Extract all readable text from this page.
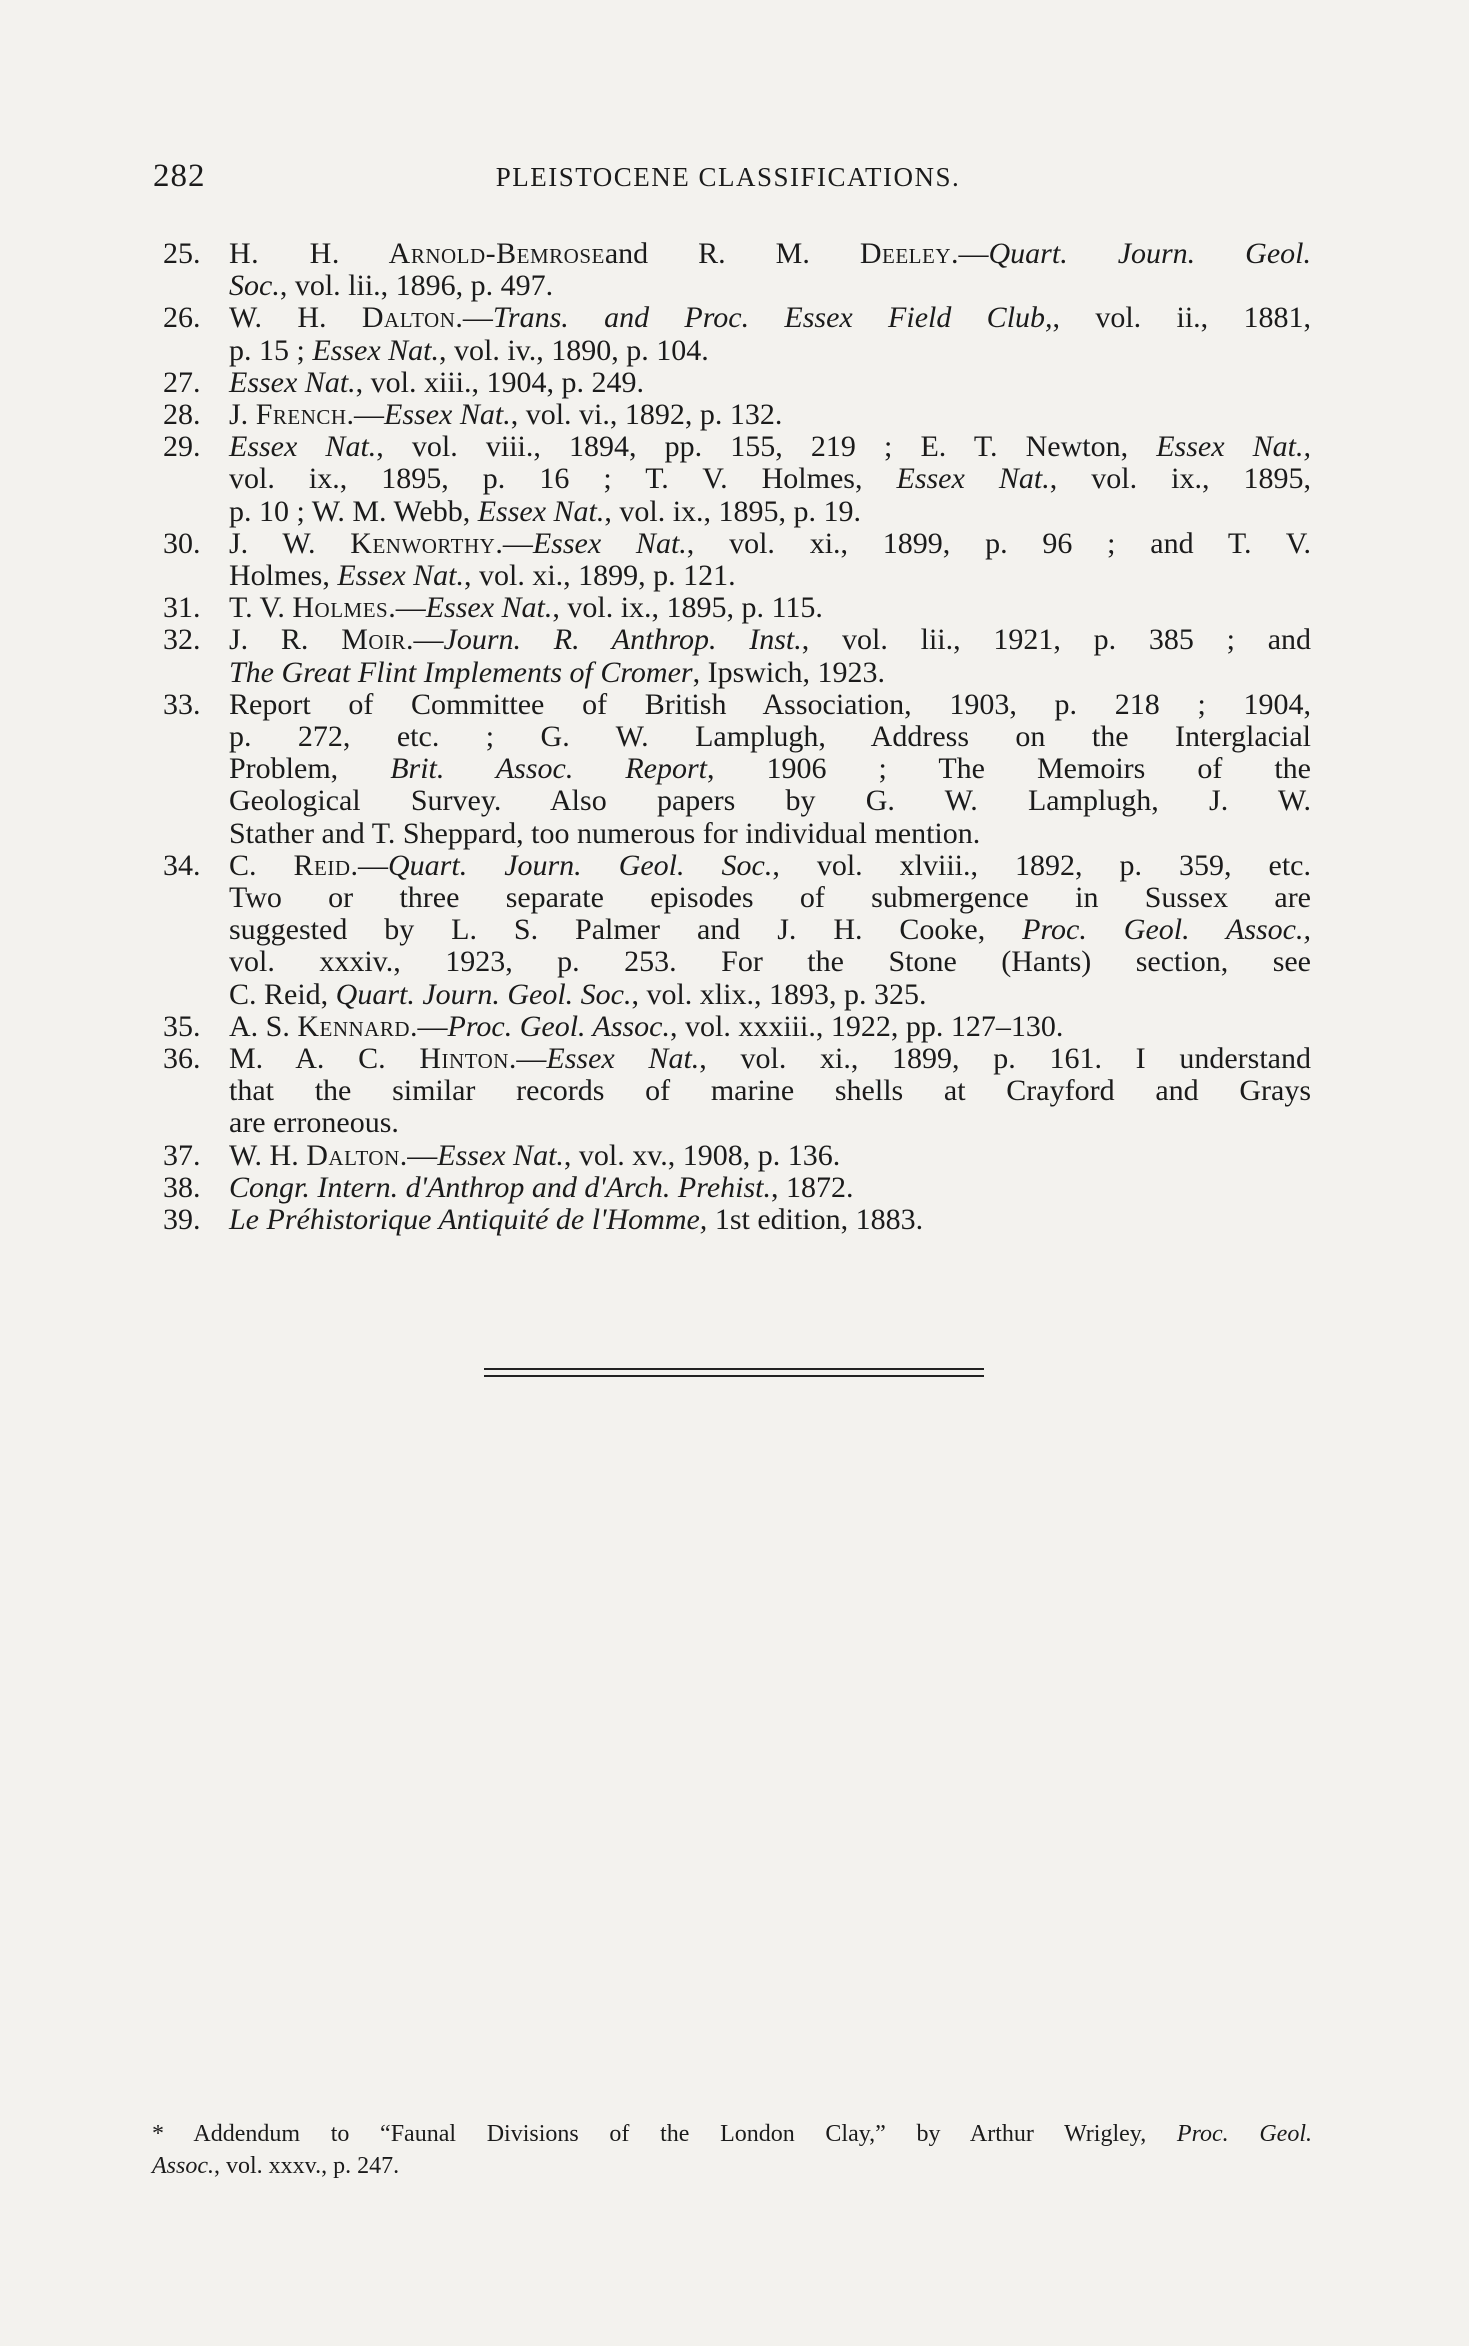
282	PLEISTOCENE CLASSIFICATIONS.
25. H. H. Arnold-Bemroseand R. M. Deeley.—Quart. Journ. Geol.
Soc., vol. lii., 1896, p. 497.
26. W. H. Dalton.—Trans. and Proc. Essex Field Club,, vol. ii., 1881,
p. 15 ; Essex Nat., vol. iv., 1890, p. 104.
27. Essex Nat., vol. xiii., 1904, p. 249.
28. J. French.—Essex Nat., vol. vi., 1892, p. 132.
29. Essex Nat., vol. viii., 1894, pp. 155, 219 ; E. T. Newton, Essex Nat.,
vol. ix., 1895, p. 16 ; T. V. Holmes, Essex Nat., vol. ix., 1895,
p. 10 ; W. M. Webb, Essex Nat., vol. ix., 1895, p. 19.
30. J. W. Kenworthy.—Essex Nat., vol. xi., 1899, p. 96 ; and T. V.
Holmes, Essex Nat., vol. xi., 1899, p. 121.
31. T. V. Holmes.—Essex Nat., vol. ix., 1895, p. 115.
32. J. R. Moir.—Journ. R. Anthrop. Inst., vol. lii., 1921, p. 385 ; and
The Great Flint Implements of Cromer, Ipswich, 1923.
33. Report of Committee of British Association, 1903, p. 218 ; 1904,
p. 272, etc. ; G. W. Lamplugh, Address on the Interglacial
Problem, Brit. Assoc. Report, 1906 ; The Memoirs of the
Geological Survey. Also papers by G. W. Lamplugh, J. W.
Stather and T. Sheppard, too numerous for individual mention.
34. C. Reid.—Quart. Journ. Geol. Soc., vol. xlviii., 1892, p. 359, etc.
Two or three separate episodes of submergence in Sussex are
suggested by L. S. Palmer and J. H. Cooke, Proc. Geol. Assoc.,
vol. xxxiv., 1923, p. 253. For the Stone (Hants) section, see
C. Reid, Quart. Journ. Geol. Soc., vol. xlix., 1893, p. 325.
35. A. S. Kennard.—Proc. Geol. Assoc., vol. xxxiii., 1922, pp. 127–130.
36. M. A. C. Hinton.—Essex Nat., vol. xi., 1899, p. 161. I understand
that the similar records of marine shells at Crayford and Grays
are erroneous.
37. W. H. Dalton.—Essex Nat., vol. xv., 1908, p. 136.
38. Congr. Intern. d'Anthrop and d'Arch. Prehist., 1872.
39. Le Préhistorique Antiquité de l'Homme, 1st edition, 1883.
* Addendum to “Faunal Divisions of the London Clay,” by Arthur Wrigley, Proc. Geol.
Assoc., vol. xxxv., p. 247.
